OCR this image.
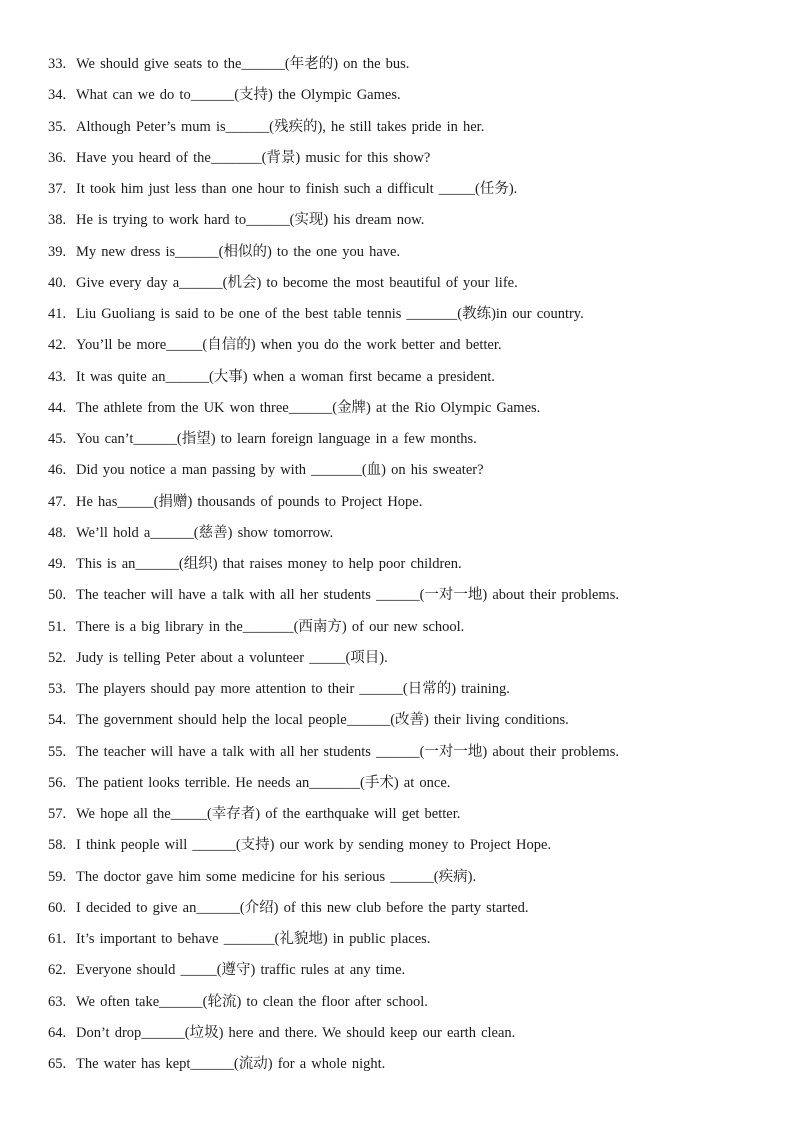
33. We should give seats to the______(年老的) on the bus.
34. What can we do to______(支持) the Olympic Games.
35. Although Peter’s mum is______(残疾的), he still takes pride in her.
36. Have you heard of the_______(背景) music for this show?
37. It took him just less than one hour to finish such a difficult _____(任务).
38. He is trying to work hard to______(实现) his dream now.
39. My new dress is______(相似的) to the one you have.
40. Give every day a______(机会) to become the most beautiful of your life.
41. Liu Guoliang is said to be one of the best table tennis _______(教练)in our country.
42. You’ll be more_____(自信的) when you do the work better and better.
43. It was quite an______(大事) when a woman first became a president.
44. The athlete from the UK won three______(金牌) at the Rio Olympic Games.
45. You can’t______(指望) to learn foreign language in a few months.
46. Did you notice a man passing by with _______(血) on his sweater?
47. He has_____(捐赠) thousands of pounds to Project Hope.
48. We’ll hold a______(慈善) show tomorrow.
49. This is an______(组织) that raises money to help poor children.
50. The teacher will have a talk with all her students ______(一对一地) about their problems.
51. There is a big library in the_______(西南方) of our new school.
52. Judy is telling Peter about a volunteer _____(项目).
53. The players should pay more attention to their ______(日常的) training.
54. The government should help the local people______(改善) their living conditions.
55. The teacher will have a talk with all her students ______(一对一地) about their problems.
56. The patient looks terrible. He needs an_______(手术) at once.
57. We hope all the_____(幸存者) of the earthquake will get better.
58. I think people will ______(支持) our work by sending money to Project Hope.
59. The doctor gave him some medicine for his serious ______(疾病).
60. I decided to give an______(介绍) of this new club before the party started.
61. It’s important to behave _______(礼貌地) in public places.
62. Everyone should _____(遵守) traffic rules at any time.
63. We often take______(轮流) to clean the floor after school.
64. Don’t drop______(垃圾) here and there. We should keep our earth clean.
65. The water has kept______(流动) for a whole night.
